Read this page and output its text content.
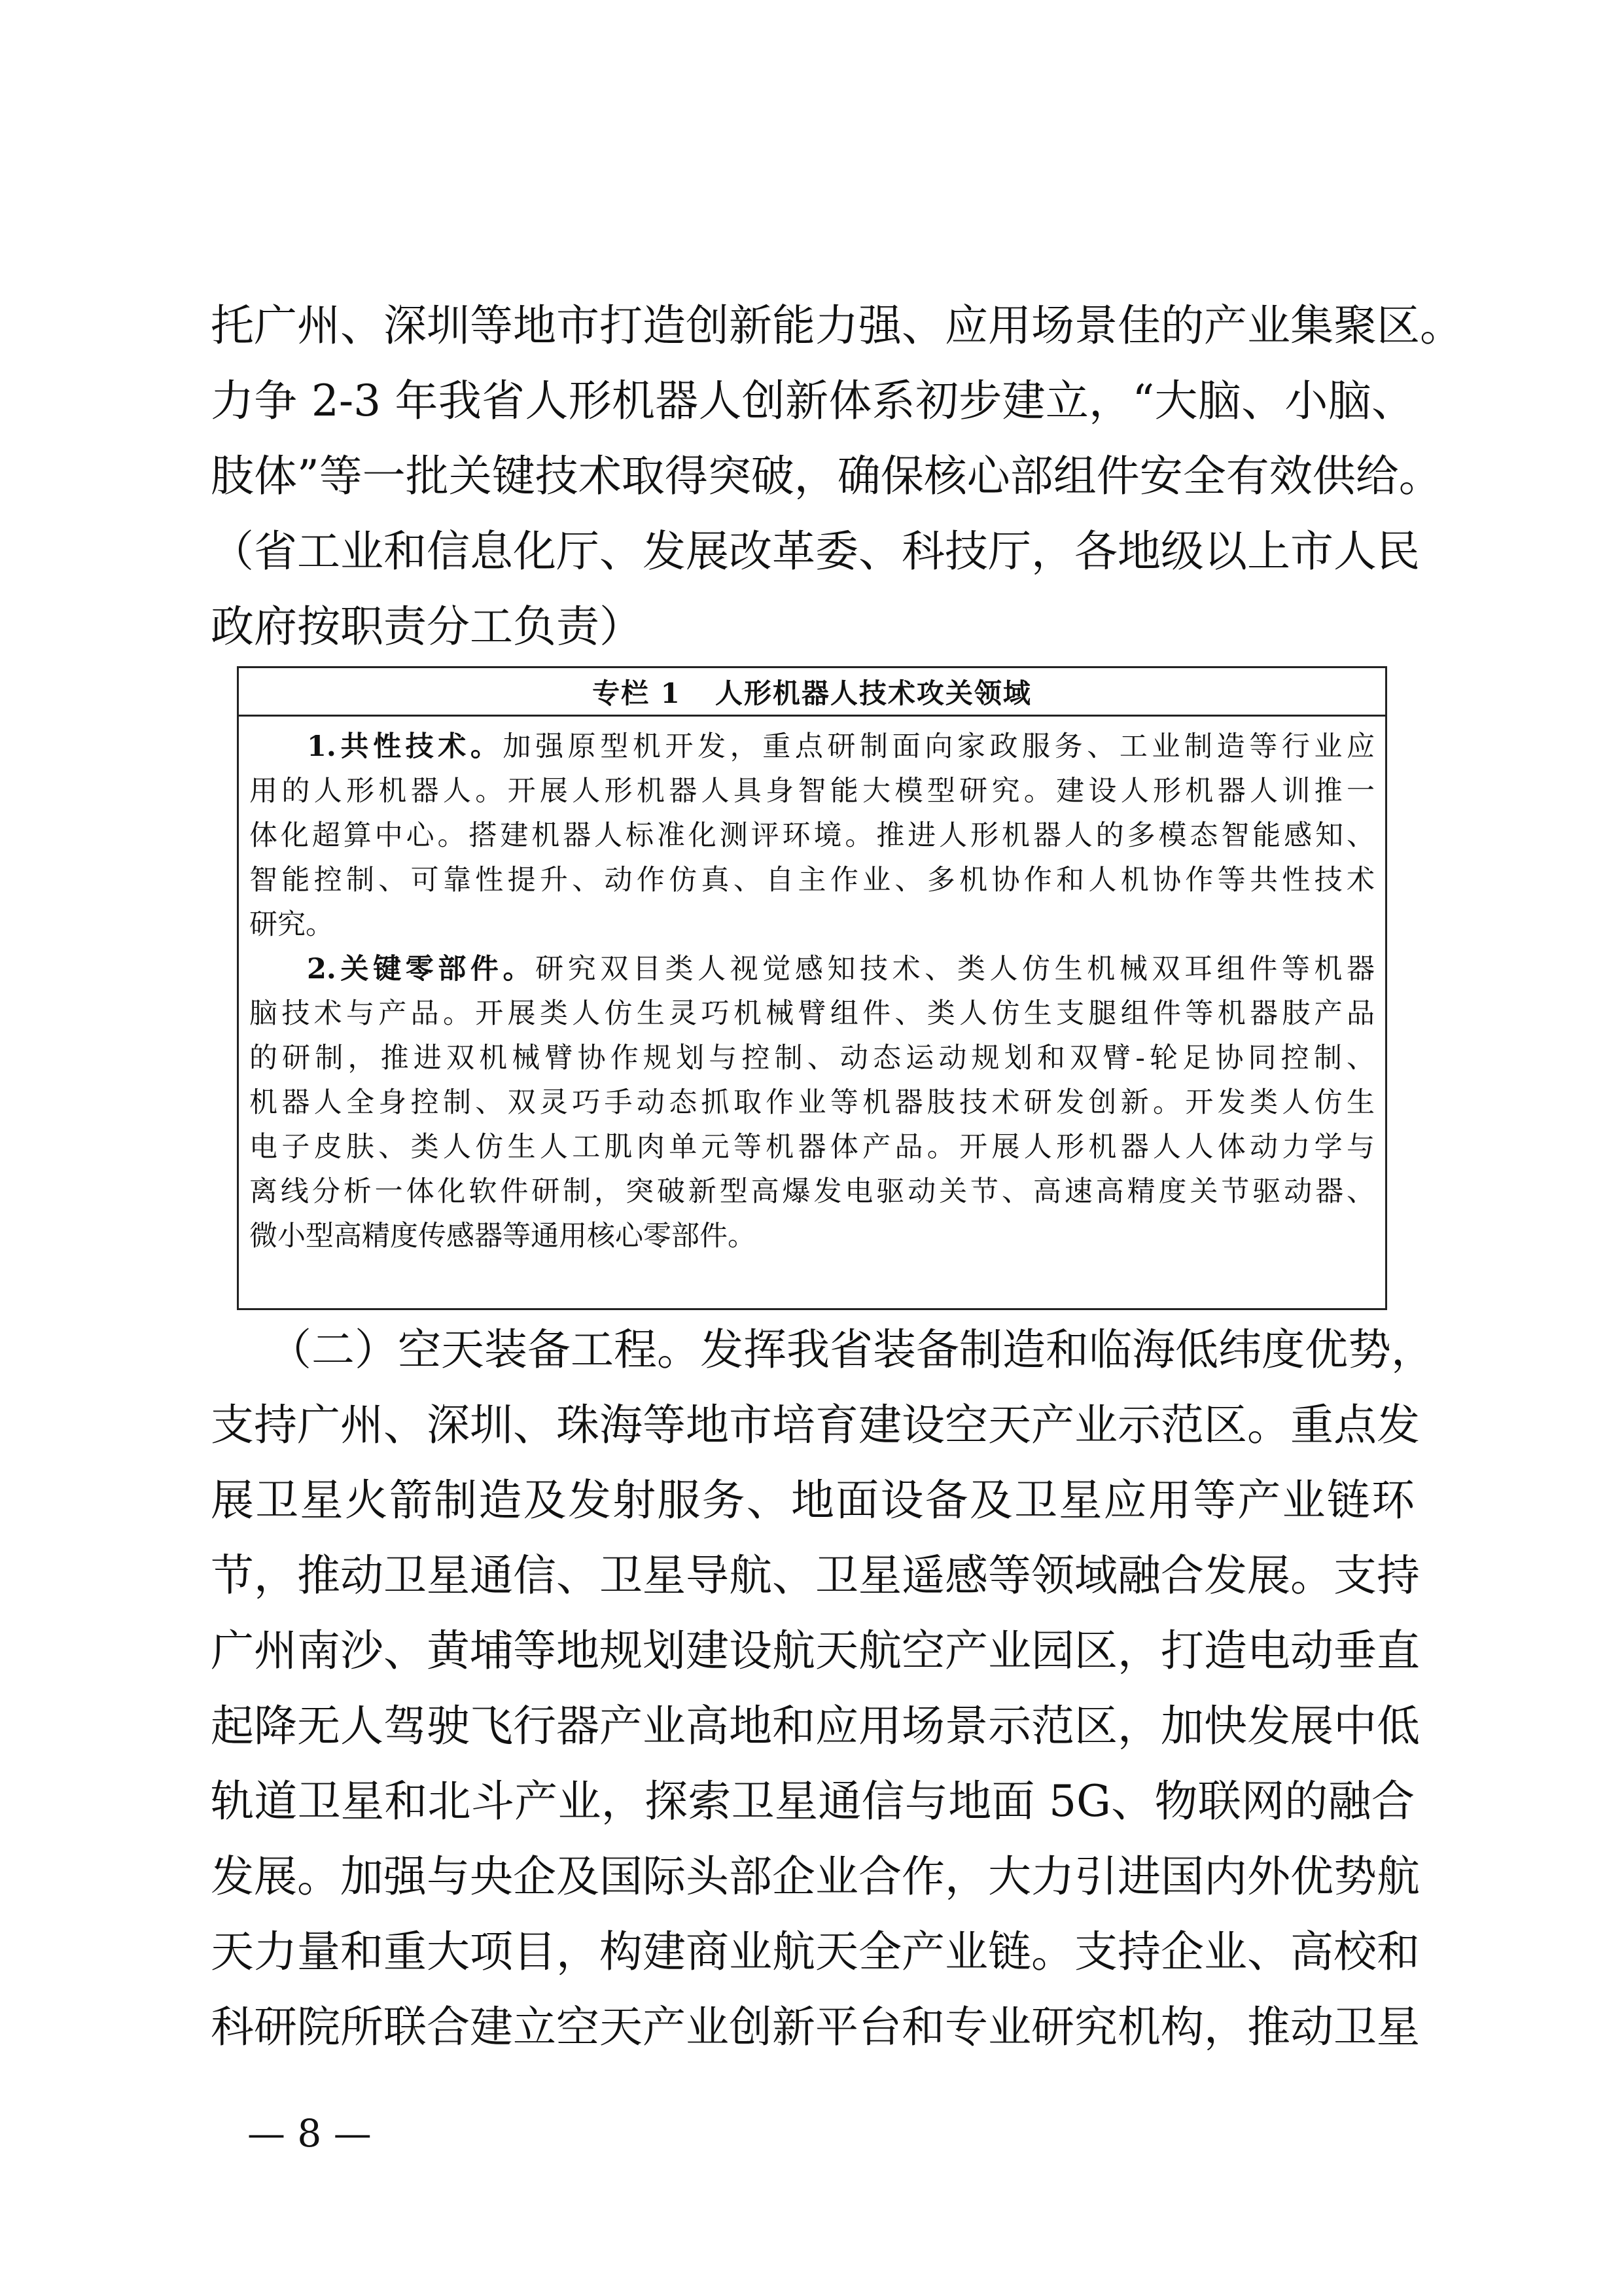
托广州、深圳等地市打造创新能力强、应用场景佳的产业集聚区。
力争 2-3 年我省人形机器人创新体系初步建立，“大脑、小脑、
肢体”等一批关键技术取得突破，确保核心部组件安全有效供给。
（省工业和信息化厅、发展改革委、科技厅，各地级以上市人民
政府按职责分工负责）
专栏 1 人形机器人技术攻关领域
1.共性技术。加强原型机开发，重点研制面向家政服务、工业制造等行业应
用的人形机器人。开展人形机器人具身智能大模型研究。建设人形机器人训推一
体化超算中心。搭建机器人标准化测评环境。推进人形机器人的多模态智能感知、
智能控制、可靠性提升、动作仿真、自主作业、多机协作和人机协作等共性技术
研究。
2.关键零部件。研究双目类人视觉感知技术、类人仿生机械双耳组件等机器
脑技术与产品。开展类人仿生灵巧机械臂组件、类人仿生支腿组件等机器肢产品
的研制，推进双机械臂协作规划与控制、动态运动规划和双臂-轮足协同控制、
机器人全身控制、双灵巧手动态抓取作业等机器肢技术研发创新。开发类人仿生
电子皮肤、类人仿生人工肌肉单元等机器体产品。开展人形机器人人体动力学与
离线分析一体化软件研制，突破新型高爆发电驱动关节、高速高精度关节驱动器、
微小型高精度传感器等通用核心零部件。
（二）空天装备工程。发挥我省装备制造和临海低纬度优势，
支持广州、深圳、珠海等地市培育建设空天产业示范区。重点发
展卫星火箭制造及发射服务、地面设备及卫星应用等产业链环
节，推动卫星通信、卫星导航、卫星遥感等领域融合发展。支持
广州南沙、黄埔等地规划建设航天航空产业园区，打造电动垂直
起降无人驾驶飞行器产业高地和应用场景示范区，加快发展中低
轨道卫星和北斗产业，探索卫星通信与地面 5G、物联网的融合
发展。加强与央企及国际头部企业合作，大力引进国内外优势航
天力量和重大项目，构建商业航天全产业链。支持企业、高校和
科研院所联合建立空天产业创新平台和专业研究机构，推动卫星
— 8 —
